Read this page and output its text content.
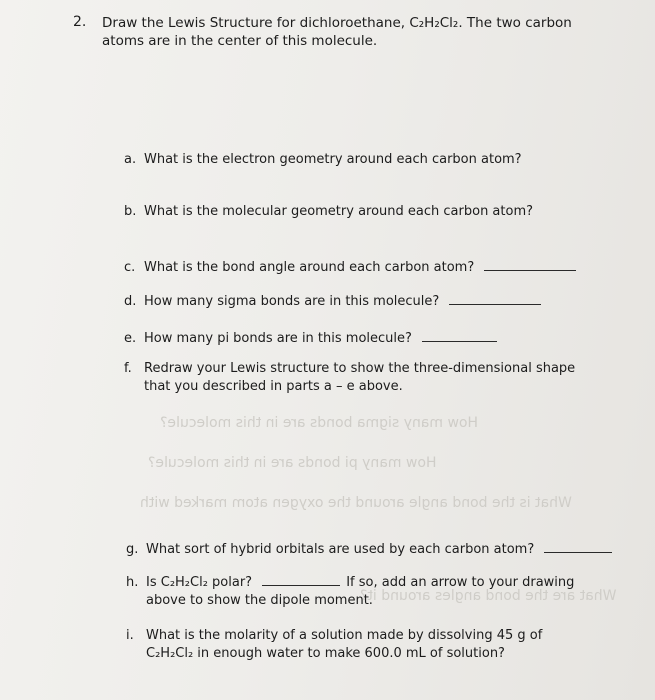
How many sigma bonds are in this molecule?
How many pi bonds are in this molecule?
What is the bond angle around the oxygen atom marked with
What are the bond angles around it?
2. Draw the Lewis Structure for dichloroethane, C₂H₂Cl₂. The two carbon
atoms are in the center of this molecule.
a. What is the electron geometry around each carbon atom?
b. What is the molecular geometry around each carbon atom?
c. What is the bond angle around each carbon atom?
d. How many sigma bonds are in this molecule?
e. How many pi bonds are in this molecule?
f. Redraw your Lewis structure to show the three-dimensional shape
that you described in parts a – e above.
g. What sort of hybrid orbitals are used by each carbon atom?
h. Is C₂H₂Cl₂ polar?	If so, add an arrow to your drawing
above to show the dipole moment.
i. What is the molarity of a solution made by dissolving 45 g of
C₂H₂Cl₂ in enough water to make 600.0 mL of solution?
